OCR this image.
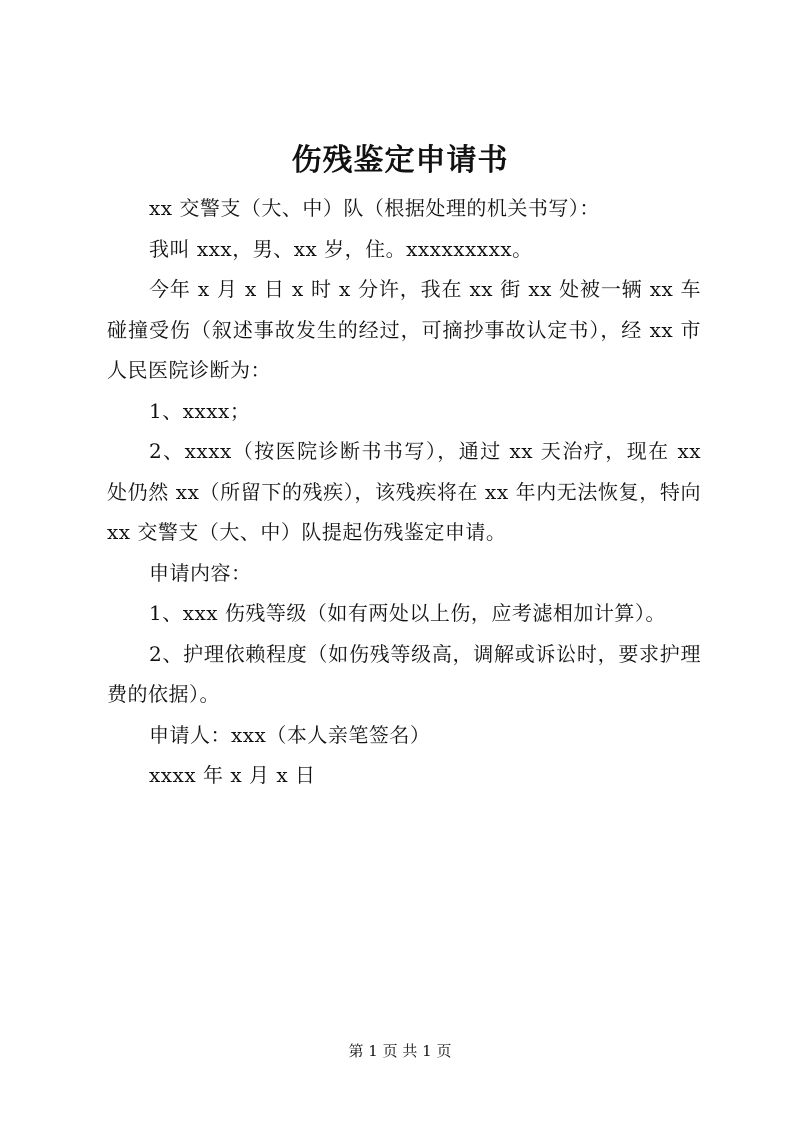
伤残鉴定申请书

xx 交警支（大、中）队（根据处理的机关书写）：

我叫 xxx，男、xx 岁，住。xxxxxxxxx。

今年 x 月 x 日 x 时 x 分许，我在 xx 街 xx 处被一辆 xx 车碰撞受伤（叙述事故发生的经过，可摘抄事故认定书），经 xx 市人民医院诊断为：

1、xxxx；

2、xxxx（按医院诊断书书写），通过 xx 天治疗，现在 xx 处仍然 xx（所留下的残疾），该残疾将在 xx 年内无法恢复，特向 xx 交警支（大、中）队提起伤残鉴定申请。

申请内容：

1、xxx 伤残等级（如有两处以上伤，应考滤相加计算）。

2、护理依赖程度（如伤残等级高，调解或诉讼时，要求护理费的依据）。

申请人：xxx（本人亲笔签名）

xxxx 年 x 月 x 日

第 1 页 共 1 页
